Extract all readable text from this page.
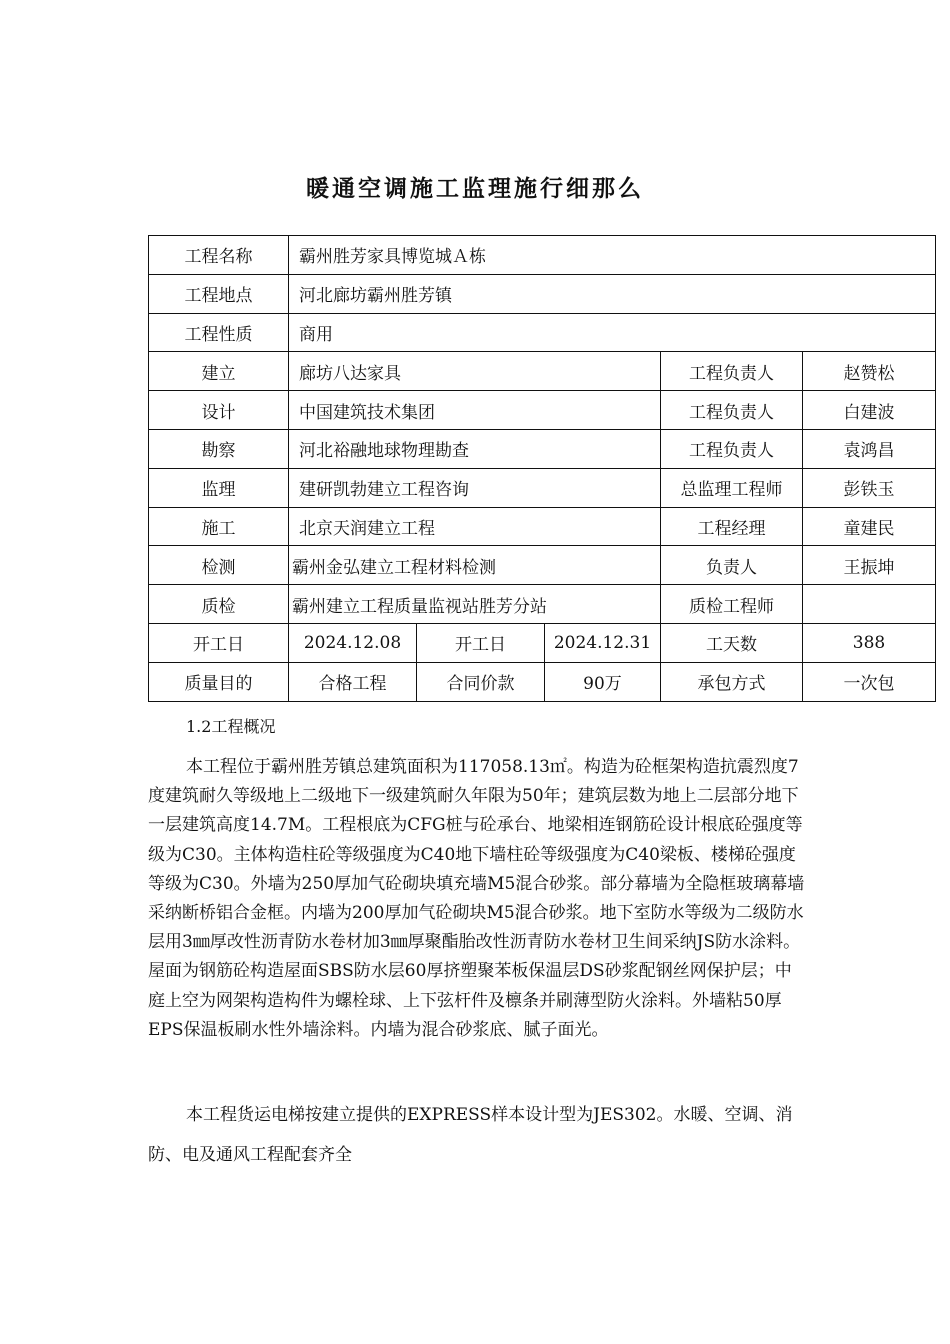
暖通空调施工监理施行细那么
工程名称	霸州胜芳家具博览城Ａ栋				
工程地点	河北廊坊霸州胜芳镇				
工程性质	商用				
建立	廊坊八达家具			工程负责人	赵赞松
设计	中国建筑技术集团			工程负责人	白建波
勘察	河北裕融地球物理勘查			工程负责人	袁鸿昌
监理	建研凯勃建立工程咨询			总监理工程师	彭铁玉
施工	北京天润建立工程			工程经理	童建民
检测	霸州金弘建立工程材料检测			负责人	王振坤
质检	霸州建立工程质量监视站胜芳分站			质检工程师	
开工日	2024.12.08	开工日	2024.12.31	工天数	388
质量目的	合格工程	合同价款	90万	承包方式	一次包
1.2工程概况
本工程位于霸州胜芳镇总建筑面积为117058.13㎡。构造为砼框架构造抗震烈度7度建筑耐久等级地上二级地下一级建筑耐久年限为50年；建筑层数为地上二层部分地下一层建筑高度14.7M。工程根底为CFG桩与砼承台、地梁相连钢筋砼设计根底砼强度等级为C30。主体构造柱砼等级强度为C40地下墙柱砼等级强度为C40梁板、楼梯砼强度等级为C30。外墙为250厚加气砼砌块填充墙M5混合砂浆。部分幕墙为全隐框玻璃幕墙采纳断桥铝合金框。内墙为200厚加气砼砌块M5混合砂浆。地下室防水等级为二级防水层用3㎜厚改性沥青防水卷材加3㎜厚聚酯胎改性沥青防水卷材卫生间采纳JS防水涂料。屋面为钢筋砼构造屋面SBS防水层60厚挤塑聚苯板保温层DS砂浆配钢丝网保护层；中庭上空为网架构造构件为螺栓球、上下弦杆件及檩条并刷薄型防火涂料。外墙粘50厚EPS保温板刷水性外墙涂料。内墙为混合砂浆底、腻子面光。
本工程货运电梯按建立提供的EXPRESS样本设计型为JES302。水暖、空调、消防、电及通风工程配套齐全
